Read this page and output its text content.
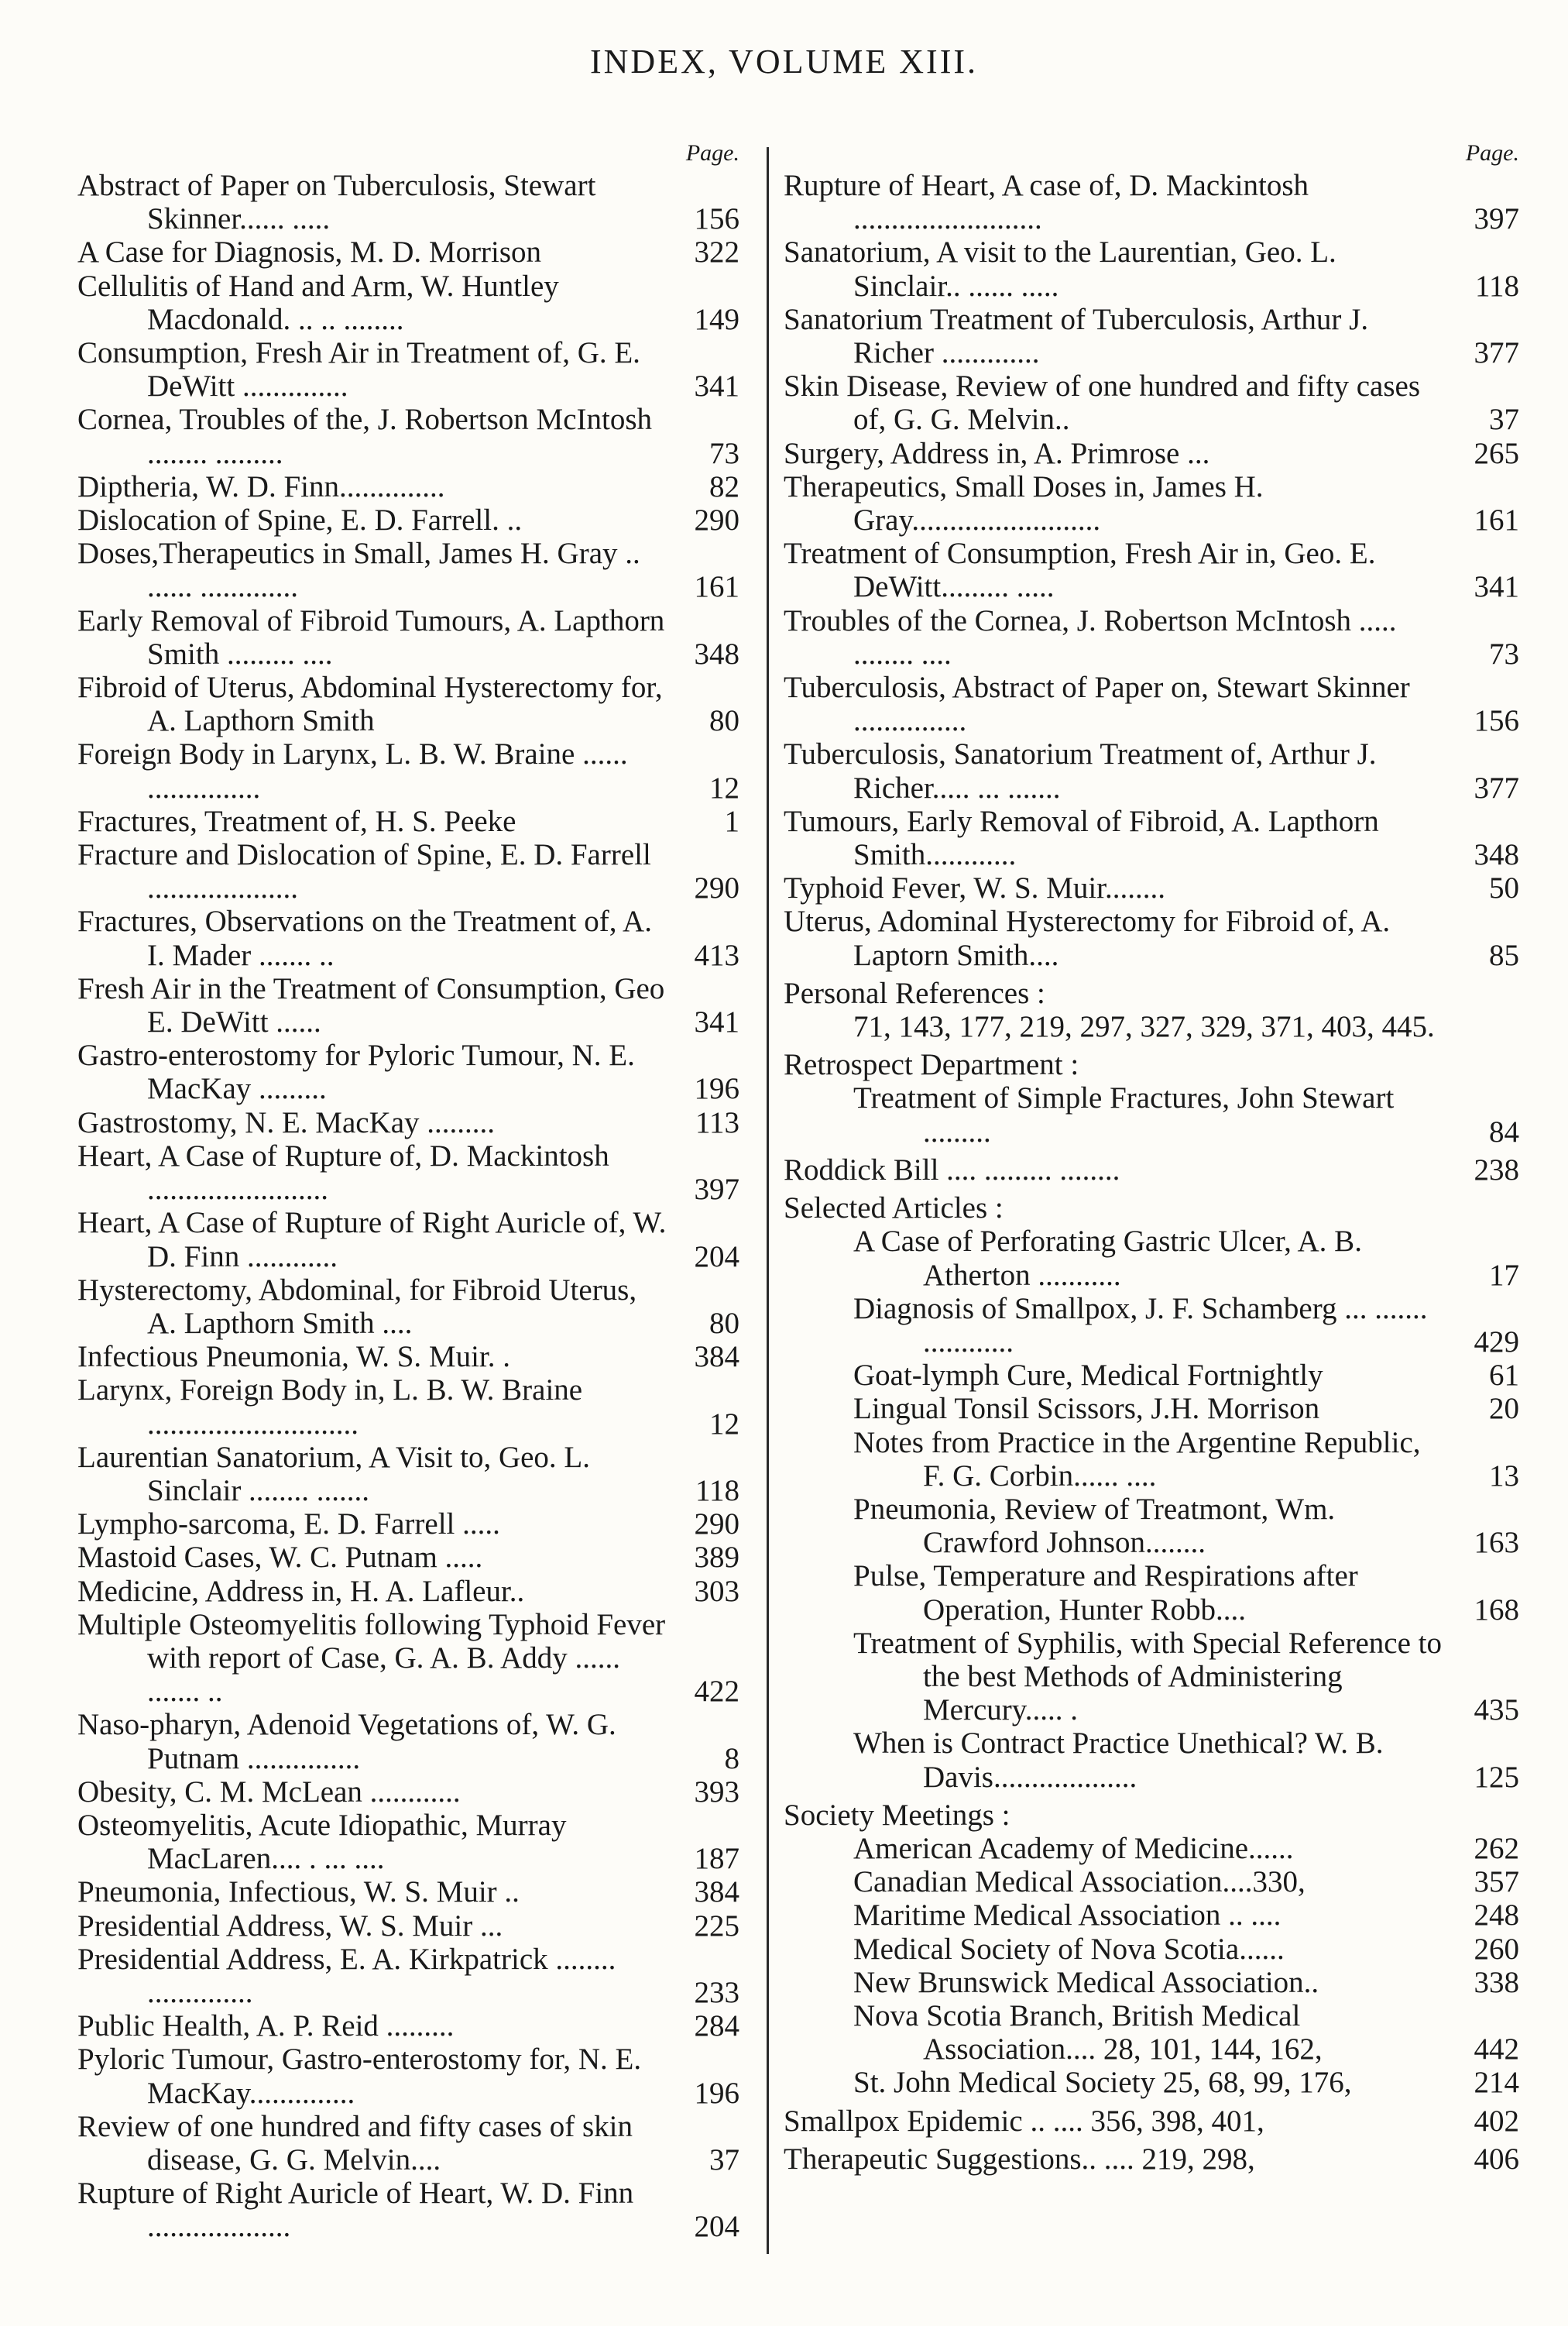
INDEX, VOLUME XIII.
Page.
Abstract of Paper on Tuberculosis, Stewart Skinner...... .....	156
A Case for Diagnosis, M. D. Morrison	322
Cellulitis of Hand and Arm, W. Huntley Macdonald. .. .. ........	149
Consumption, Fresh Air in Treatment of, G. E. DeWitt ..............	341
Cornea, Troubles of the, J. Robertson McIntosh ........ .........	73
Diptheria, W. D. Finn..............	82
Dislocation of Spine, E. D. Farrell. ..	290
Doses,Therapeutics in Small, James H. Gray .. ...... .............	161
Early Removal of Fibroid Tumours, A. Lapthorn Smith ......... ....	348
Fibroid of Uterus, Abdominal Hysterectomy for, A. Lapthorn Smith	80
Foreign Body in Larynx, L. B. W. Braine ...... ...............	12
Fractures, Treatment of, H. S. Peeke	1
Fracture and Dislocation of Spine, E. D. Farrell ....................	290
Fractures, Observations on the Treatment of, A. I. Mader ....... ..	413
Fresh Air in the Treatment of Consumption, Geo E. DeWitt ......	341
Gastro-enterostomy for Pyloric Tumour, N. E. MacKay .........	196
Gastrostomy, N. E. MacKay .........	113
Heart, A Case of Rupture of, D. Mackintosh ........................	397
Heart, A Case of Rupture of Right Auricle of, W. D. Finn ............	204
Hysterectomy, Abdominal, for Fibroid Uterus, A. Lapthorn Smith ....	80
Infectious Pneumonia, W. S. Muir. .	384
Larynx, Foreign Body in, L. B. W. Braine ............................	12
Laurentian Sanatorium, A Visit to, Geo. L. Sinclair ........ .......	118
Lympho-sarcoma, E. D. Farrell .....	290
Mastoid Cases, W. C. Putnam .....	389
Medicine, Address in, H. A. Lafleur..	303
Multiple Osteomyelitis following Typhoid Fever with report of Case, G. A. B. Addy ...... ....... ..	422
Naso-pharyn, Adenoid Vegetations of, W. G. Putnam ...............	8
Obesity, C. M. McLean ............	393
Osteomyelitis, Acute Idiopathic, Murray MacLaren.... . ... ....	187
Pneumonia, Infectious, W. S. Muir ..	384
Presidential Address, W. S. Muir ...	225
Presidential Address, E. A. Kirkpatrick ........ ..............	233
Public Health, A. P. Reid .........	284
Pyloric Tumour, Gastro-enterostomy for, N. E. MacKay..............	196
Review of one hundred and fifty cases of skin disease, G. G. Melvin....	37
Rupture of Right Auricle of Heart, W. D. Finn ...................	204
Page.
Rupture of Heart, A case of, D. Mackintosh .........................	397
Sanatorium, A visit to the Laurentian, Geo. L. Sinclair.. ...... .....	118
Sanatorium Treatment of Tuberculosis, Arthur J. Richer .............	377
Skin Disease, Review of one hundred and fifty cases of, G. G. Melvin..	37
Surgery, Address in, A. Primrose ...	265
Therapeutics, Small Doses in, James H. Gray.........................	161
Treatment of Consumption, Fresh Air in, Geo. E. DeWitt......... .....	341
Troubles of the Cornea, J. Robertson McIntosh ..... ........ ....	73
Tuberculosis, Abstract of Paper on, Stewart Skinner ...............	156
Tuberculosis, Sanatorium Treatment of, Arthur J. Richer..... ... .......	377
Tumours, Early Removal of Fibroid, A. Lapthorn Smith............	348
Typhoid Fever, W. S. Muir........	50
Uterus, Adominal Hysterectomy for Fibroid of, A. Laptorn Smith....	85
Personal References :
71, 143, 177, 219, 297, 327, 329, 371, 403, 445.
Retrospect Department :
Treatment of Simple Fractures, John Stewart .........	84
Roddick Bill .... ......... ........	238
Selected Articles :
A Case of Perforating Gastric Ulcer, A. B. Atherton ...........	17
Diagnosis of Smallpox, J. F. Schamberg ... ....... ............	429
Goat-lymph Cure, Medical Fortnightly	61
Lingual Tonsil Scissors, J.H. Morrison	20
Notes from Practice in the Argentine Republic, F. G. Corbin...... ....	13
Pneumonia, Review of Treatmont, Wm. Crawford Johnson........	163
Pulse, Temperature and Respirations after Operation, Hunter Robb....	168
Treatment of Syphilis, with Special Reference to the best Methods of Administering Mercury..... .	435
When is Contract Practice Unethical? W. B. Davis...................	125
Society Meetings :
American Academy of Medicine......	262
Canadian Medical Association....330,	357
Maritime Medical Association .. ....	248
Medical Society of Nova Scotia......	260
New Brunswick Medical Association..	338
Nova Scotia Branch, British Medical Association.... 28, 101, 144, 162,	442
St. John Medical Society 25, 68, 99, 176,	214
Smallpox Epidemic .. .... 356, 398, 401,	402
Therapeutic Suggestions.. .... 219, 298,	406
